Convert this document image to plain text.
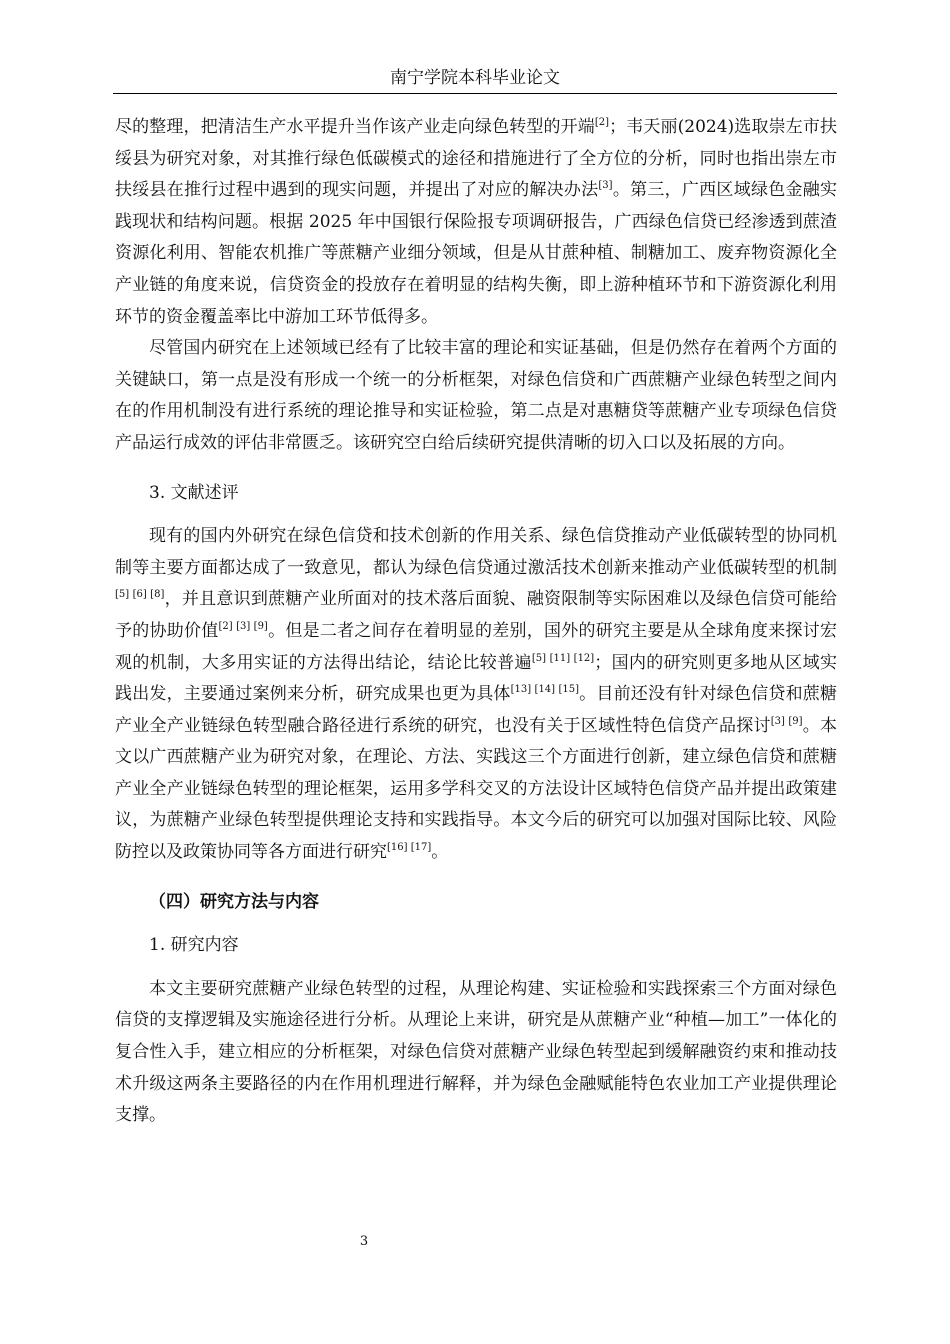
南宁学院本科毕业论文

尽的整理，把清洁生产水平提升当作该产业走向绿色转型的开端[2]；韦天丽(2024)选取崇左市扶绥县为研究对象，对其推行绿色低碳模式的途径和措施进行了全方位的分析，同时也指出崇左市扶绥县在推行过程中遇到的现实问题，并提出了对应的解决办法[3]。第三，广西区域绿色金融实践现状和结构问题。根据 2025 年中国银行保险报专项调研报告，广西绿色信贷已经渗透到蔗渣资源化利用、智能农机推广等蔗糖产业细分领域，但是从甘蔗种植、制糖加工、废弃物资源化全产业链的角度来说，信贷资金的投放存在着明显的结构失衡，即上游种植环节和下游资源化利用环节的资金覆盖率比中游加工环节低得多。

尽管国内研究在上述领域已经有了比较丰富的理论和实证基础，但是仍然存在着两个方面的关键缺口，第一点是没有形成一个统一的分析框架，对绿色信贷和广西蔗糖产业绿色转型之间内在的作用机制没有进行系统的理论推导和实证检验，第二点是对惠糖贷等蔗糖产业专项绿色信贷产品运行成效的评估非常匮乏。该研究空白给后续研究提供清晰的切入口以及拓展的方向。

3. 文献述评

现有的国内外研究在绿色信贷和技术创新的作用关系、绿色信贷推动产业低碳转型的协同机制等主要方面都达成了一致意见，都认为绿色信贷通过激活技术创新来推动产业低碳转型的机制[5] [6] [8]，并且意识到蔗糖产业所面对的技术落后面貌、融资限制等实际困难以及绿色信贷可能给予的协助价值[2] [3] [9]。但是二者之间存在着明显的差别，国外的研究主要是从全球角度来探讨宏观的机制，大多用实证的方法得出结论，结论比较普遍[5] [11] [12]；国内的研究则更多地从区域实践出发，主要通过案例来分析，研究成果也更为具体[13] [14] [15]。目前还没有针对绿色信贷和蔗糖产业全产业链绿色转型融合路径进行系统的研究，也没有关于区域性特色信贷产品探讨[3] [9]。本文以广西蔗糖产业为研究对象，在理论、方法、实践这三个方面进行创新，建立绿色信贷和蔗糖产业全产业链绿色转型的理论框架，运用多学科交叉的方法设计区域特色信贷产品并提出政策建议，为蔗糖产业绿色转型提供理论支持和实践指导。本文今后的研究可以加强对国际比较、风险防控以及政策协同等各方面进行研究[16] [17]。

（四）研究方法与内容

1. 研究内容

本文主要研究蔗糖产业绿色转型的过程，从理论构建、实证检验和实践探索三个方面对绿色信贷的支撑逻辑及实施途径进行分析。从理论上来讲，研究是从蔗糖产业“种植—加工”一体化的复合性入手，建立相应的分析框架，对绿色信贷对蔗糖产业绿色转型起到缓解融资约束和推动技术升级这两条主要路径的内在作用机理进行解释，并为绿色金融赋能特色农业加工产业提供理论支撑。

3
